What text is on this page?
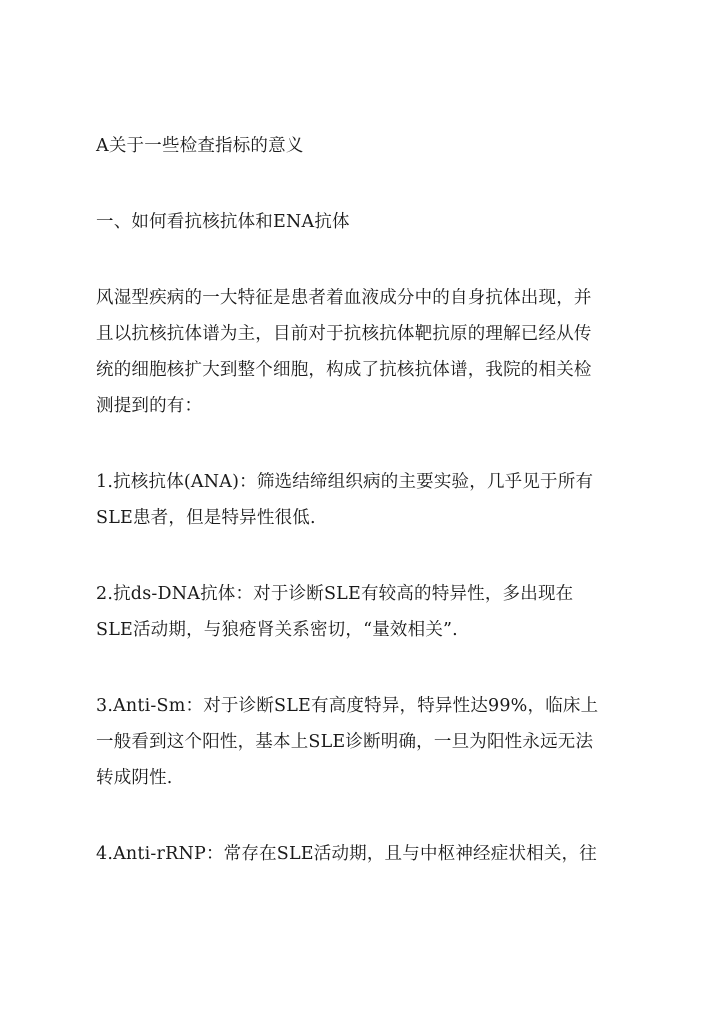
A关于一些检查指标的意义

一、如何看抗核抗体和ENA抗体

风湿型疾病的一大特征是患者着血液成分中的自身抗体出现，并
且以抗核抗体谱为主，目前对于抗核抗体靶抗原的理解已经从传
统的细胞核扩大到整个细胞，构成了抗核抗体谱，我院的相关检
测提到的有：

1.抗核抗体(ANA)：筛选结缔组织病的主要实验，几乎见于所有
SLE患者，但是特异性很低.

2.抗ds-DNA抗体：对于诊断SLE有较高的特异性，多出现在
SLE活动期，与狼疮肾关系密切，“量效相关”.

3.Anti-Sm：对于诊断SLE有高度特异，特异性达99%，临床上
一般看到这个阳性，基本上SLE诊断明确，一旦为阳性永远无法
转成阴性.

4.Anti-rRNP：常存在SLE活动期，且与中枢神经症状相关，往
